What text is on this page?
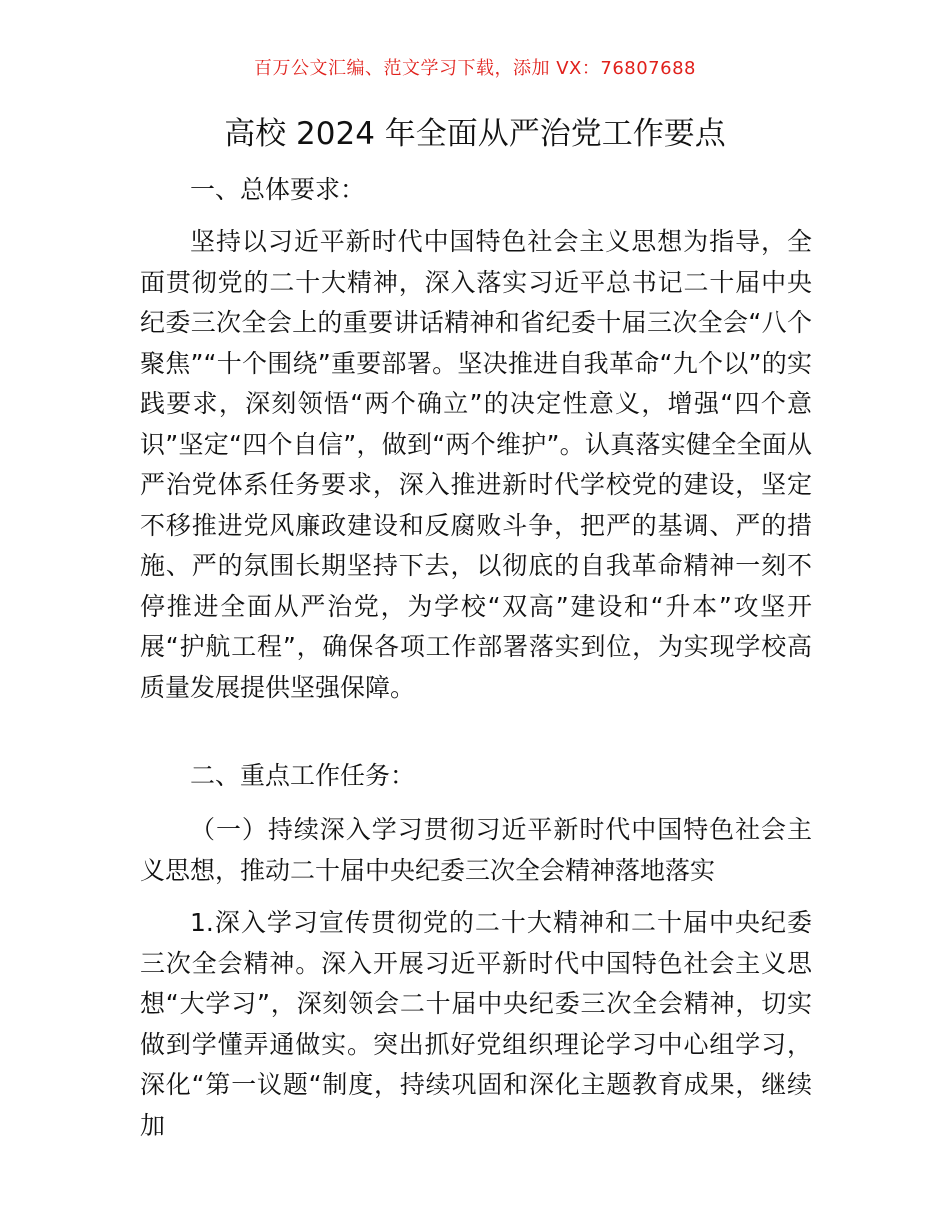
百万公文汇编、范文学习下载，添加 VX：76807688
高校 2024 年全面从严治党工作要点

一、总体要求：

坚持以习近平新时代中国特色社会主义思想为指导，全面贯彻党的二十大精神，深入落实习近平总书记二十届中央纪委三次全会上的重要讲话精神和省纪委十届三次全会“八个聚焦”“十个围绕”重要部署。坚决推进自我革命“九个以”的实践要求，深刻领悟“两个确立”的决定性意义，增强“四个意识”坚定“四个自信”，做到“两个维护”。认真落实健全全面从严治党体系任务要求，深入推进新时代学校党的建设，坚定不移推进党风廉政建设和反腐败斗争，把严的基调、严的措施、严的氛围长期坚持下去，以彻底的自我革命精神一刻不停推进全面从严治党，为学校“双高”建设和“升本”攻坚开展“护航工程”，确保各项工作部署落实到位，为实现学校高质量发展提供坚强保障。

二、重点工作任务：

（一）持续深入学习贯彻习近平新时代中国特色社会主义思想，推动二十届中央纪委三次全会精神落地落实

1.深入学习宣传贯彻党的二十大精神和二十届中央纪委三次全会精神。深入开展习近平新时代中国特色社会主义思想“大学习”，深刻领会二十届中央纪委三次全会精神，切实做到学懂弄通做实。突出抓好党组织理论学习中心组学习，深化“第一议题“制度，持续巩固和深化主题教育成果，继续加
